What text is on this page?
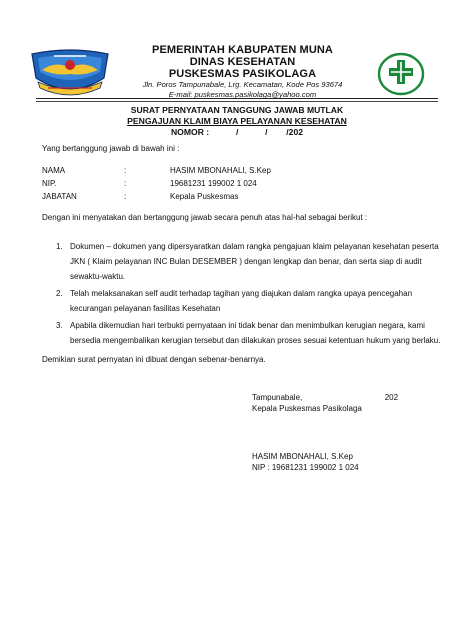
PEMERINTAH KABUPATEN MUNA
DINAS KESEHATAN
PUSKESMAS PASIKOLAGA
Jln. Poros Tampunabale, Lrg. Kecamatan, Kode Pos 93674
E-mail: puskesmas.pasikolaga@yahoo.com
SURAT PERNYATAAN TANGGUNG JAWAB MUTLAK
PENGAJUAN KLAIM BIAYA PELAYANAN KESEHATAN
NOMOR :	/	/ /202
Yang bertanggung jawab di bawah ini :
NAMA	:	HASIM MBONAHALI, S.Kep
NIP.	:	19681231 199002 1 024
JABATAN	:	Kepala Puskesmas
Dengan ini menyatakan dan bertanggung jawab secara penuh atas hal-hal sebagai berikut :
1. Dokumen – dokumen yang dipersyaratkan dalam rangka pengajuan klaim pelayanan kesehatan peserta JKN ( Klaim pelayanan INC Bulan DESEMBER ) dengan lengkap dan benar, dan serta siap di audit sewaktu-waktu.
2. Telah melaksanakan self audit terhadap tagihan yang diajukan dalam rangka upaya pencegahan kecurangan pelayanan fasilitas Kesehatan
3. Apabila dikemudian hari terbukti pernyataan ini tidak benar dan menimbulkan kerugian negara, kami bersedia mengembalikan kerugian tersebut dan dilakukan proses sesuai ketentuan hukum yang berlaku.
Demikian surat pernyatan ini dibuat dengan sebenar-benarnya.
Tampunabale,	202
Kepala Puskesmas Pasikolaga
HASIM MBONAHALI, S.Kep
NIP : 19681231 199002 1 024
